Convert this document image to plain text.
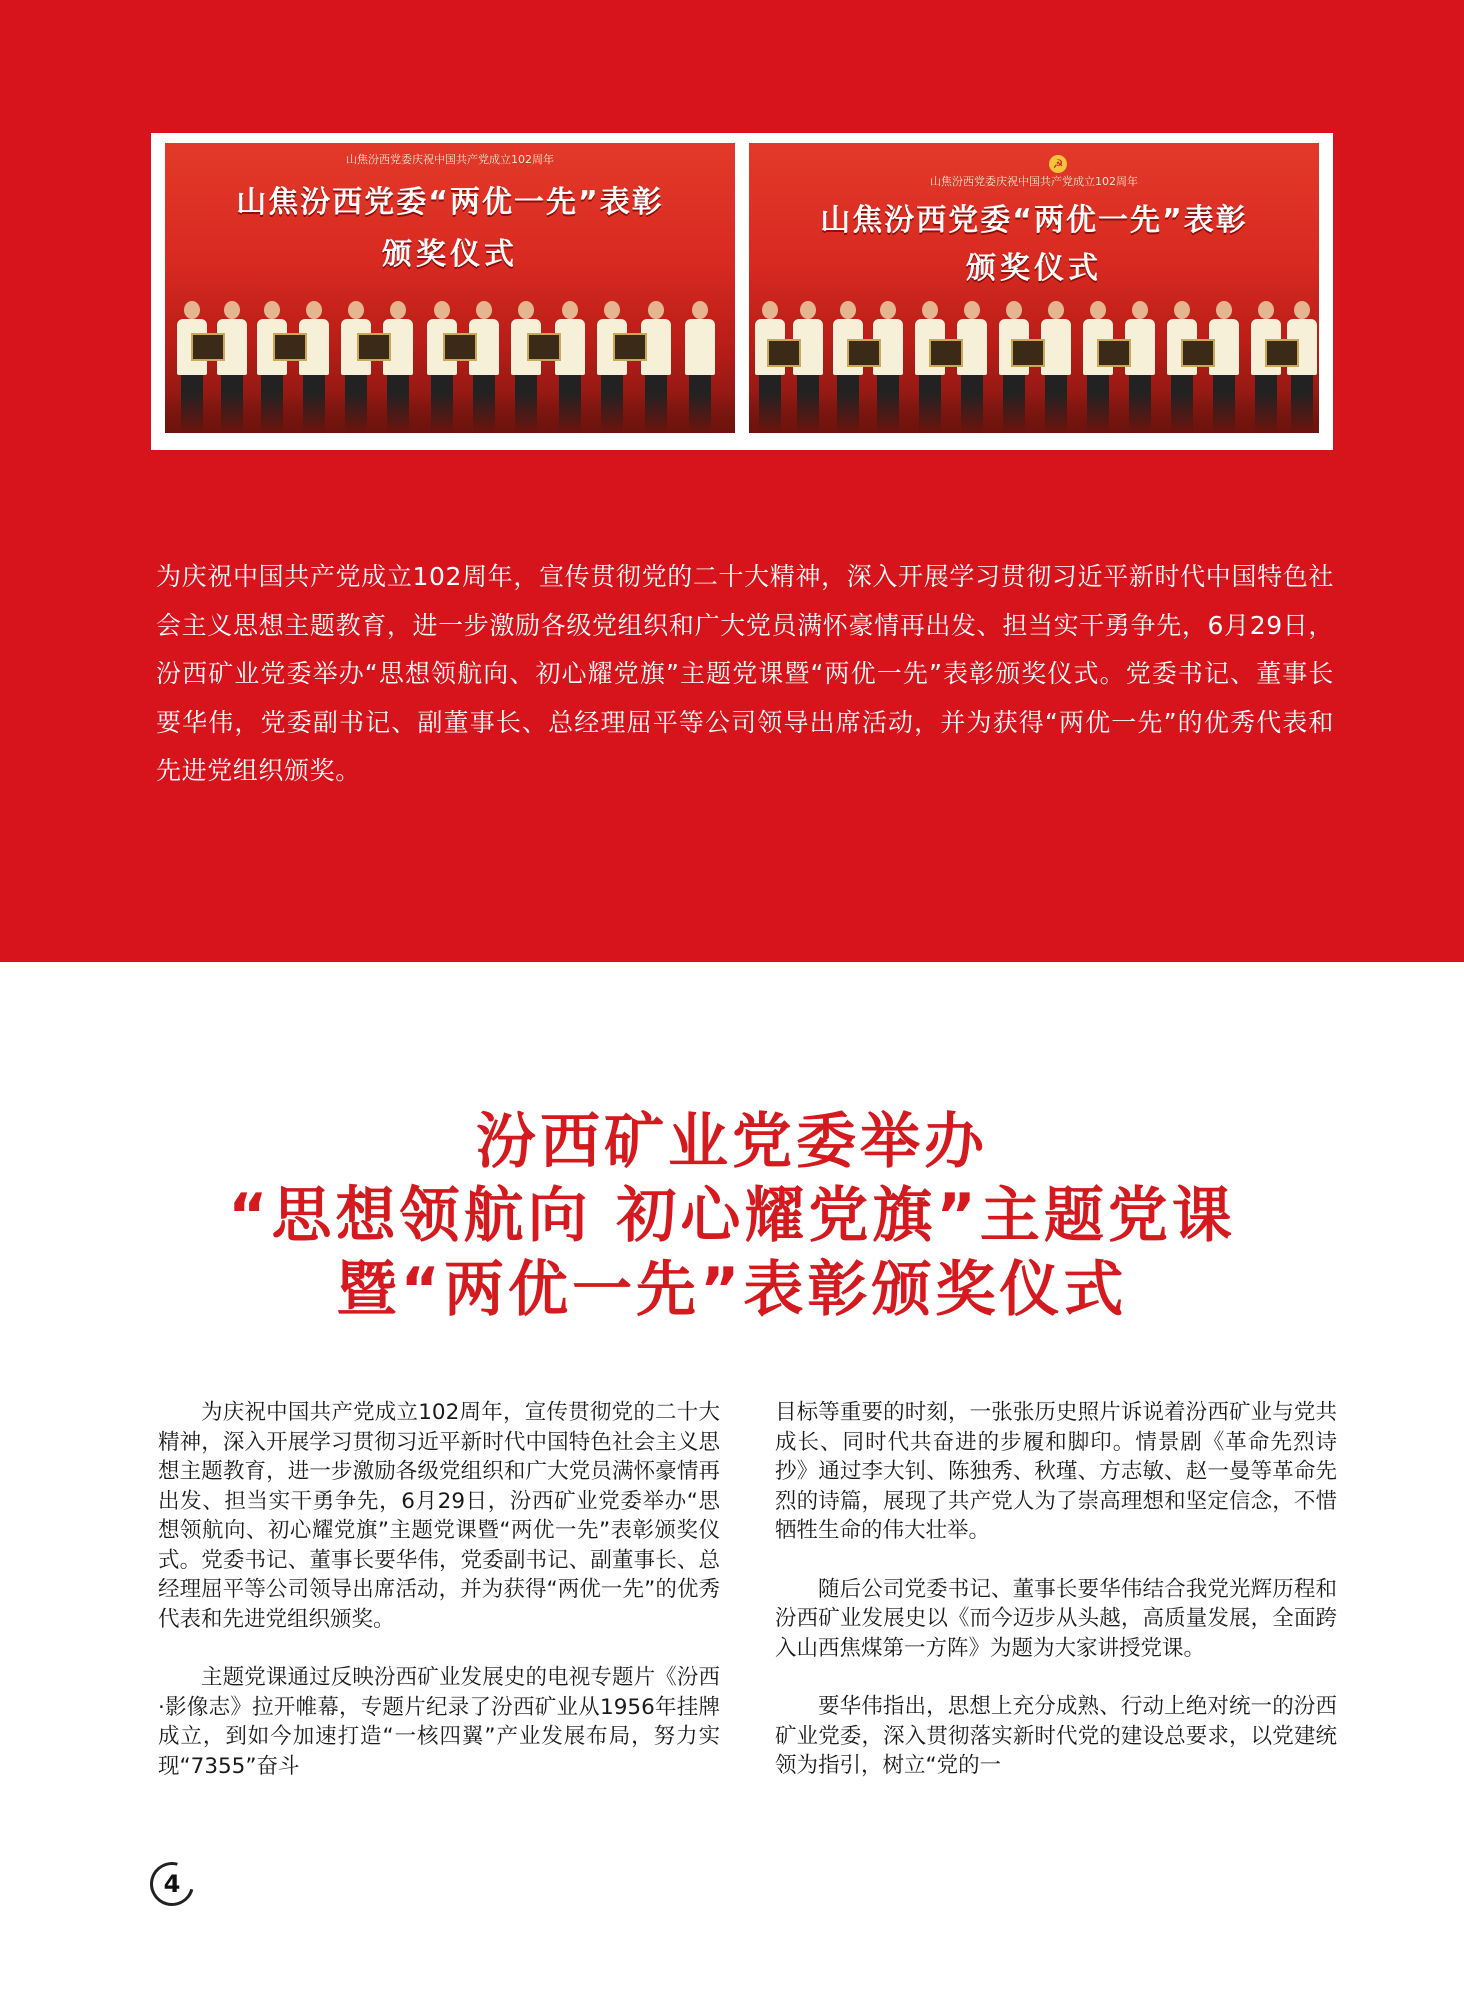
山焦汾西党委庆祝中国共产党成立102周年
山焦汾西党委“两优一先”表彰
颁奖仪式
☭
山焦汾西党委庆祝中国共产党成立102周年
山焦汾西党委“两优一先”表彰
颁奖仪式

为庆祝中国共产党成立102周年，宣传贯彻党的二十大精神，深入开展学习贯彻习近平新时代中国特色社会主义思想主题教育，进一步激励各级党组织和广大党员满怀豪情再出发、担当实干勇争先，6月29日，汾西矿业党委举办“思想领航向、初心耀党旗”主题党课暨“两优一先”表彰颁奖仪式。党委书记、董事长要华伟，党委副书记、副董事长、总经理屈平等公司领导出席活动，并为获得“两优一先”的优秀代表和先进党组织颁奖。

汾西矿业党委举办
“思想领航向 初心耀党旗”主题党课
暨“两优一先”表彰颁奖仪式

为庆祝中国共产党成立102周年，宣传贯彻党的二十大精神，深入开展学习贯彻习近平新时代中国特色社会主义思想主题教育，进一步激励各级党组织和广大党员满怀豪情再出发、担当实干勇争先，6月29日，汾西矿业党委举办“思想领航向、初心耀党旗”主题党课暨“两优一先”表彰颁奖仪式。党委书记、董事长要华伟，党委副书记、副董事长、总经理屈平等公司领导出席活动，并为获得“两优一先”的优秀代表和先进党组织颁奖。

主题党课通过反映汾西矿业发展史的电视专题片《汾西·影像志》拉开帷幕，专题片纪录了汾西矿业从1956年挂牌成立，到如今加速打造“一核四翼”产业发展布局，努力实现“7355”奋斗

目标等重要的时刻，一张张历史照片诉说着汾西矿业与党共成长、同时代共奋进的步履和脚印。情景剧《革命先烈诗抄》通过李大钊、陈独秀、秋瑾、方志敏、赵一曼等革命先烈的诗篇，展现了共产党人为了崇高理想和坚定信念，不惜牺牲生命的伟大壮举。

随后公司党委书记、董事长要华伟结合我党光辉历程和汾西矿业发展史以《而今迈步从头越，高质量发展，全面跨入山西焦煤第一方阵》为题为大家讲授党课。

要华伟指出，思想上充分成熟、行动上绝对统一的汾西矿业党委，深入贯彻落实新时代党的建设总要求，以党建统领为指引，树立“党的一

4
